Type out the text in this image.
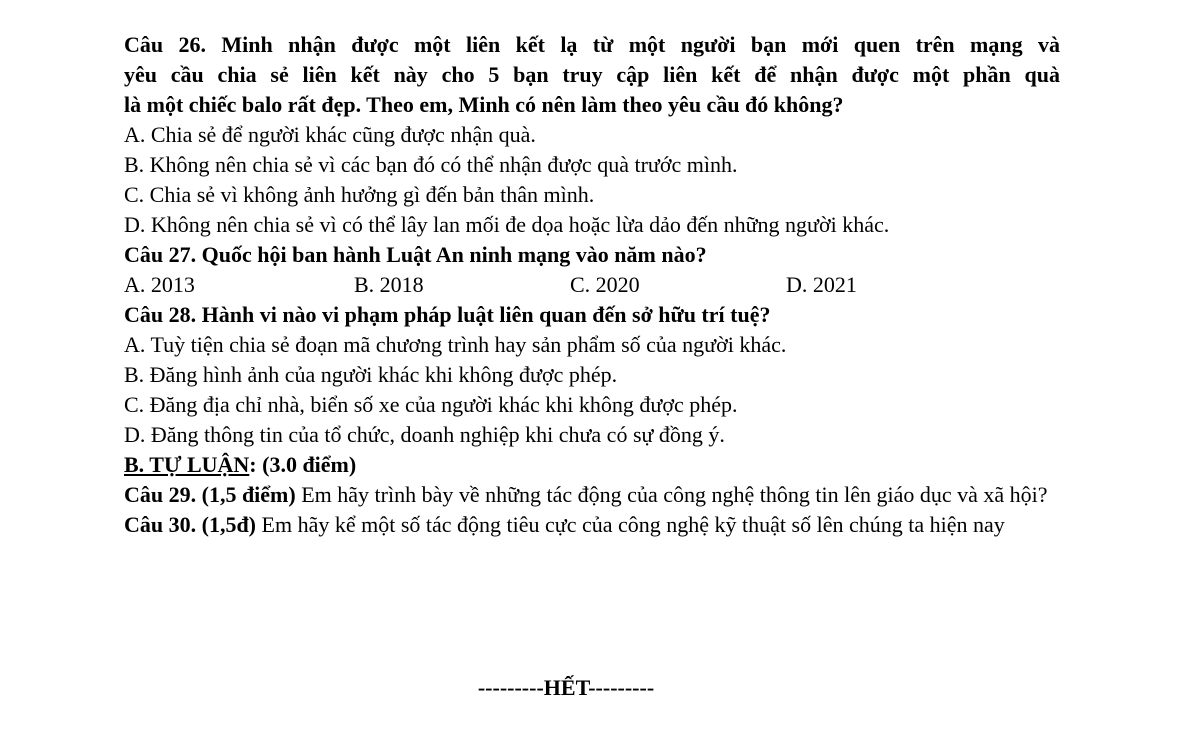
Câu 26. Minh nhận được một liên kết lạ từ một người bạn mới quen trên mạng và
yêu cầu chia sẻ liên kết này cho 5 bạn truy cập liên kết để nhận được một phần quà
là một chiếc balo rất đẹp. Theo em, Minh có nên làm theo yêu cầu đó không?
A. Chia sẻ để người khác cũng được nhận quà.
B. Không nên chia sẻ vì các bạn đó có thể nhận được quà trước mình.
C. Chia sẻ vì không ảnh hưởng gì đến bản thân mình.
D. Không nên chia sẻ vì có thể lây lan mối đe dọa hoặc lừa dảo đến những người khác.
Câu 27. Quốc hội ban hành Luật An ninh mạng vào năm nào?
A. 2013	B. 2018	C. 2020	D. 2021
Câu 28. Hành vi nào vi phạm pháp luật liên quan đến sở hữu trí tuệ?
A. Tuỳ tiện chia sẻ đoạn mã chương trình hay sản phẩm số của người khác.
B. Đăng hình ảnh của người khác khi không được phép.
C. Đăng địa chỉ nhà, biển số xe của người khác khi không được phép.
D. Đăng thông tin của tổ chức, doanh nghiệp khi chưa có sự đồng ý.
B. TỰ LUẬN: (3.0 điểm)
Câu 29. (1,5 điểm) Em hãy trình bày về những tác động của công nghệ thông tin lên giáo dục và xã hội?
Câu 30. (1,5đ) Em hãy kể một số tác động tiêu cực của công nghệ kỹ thuật số lên chúng ta hiện nay
---------HẾT---------
